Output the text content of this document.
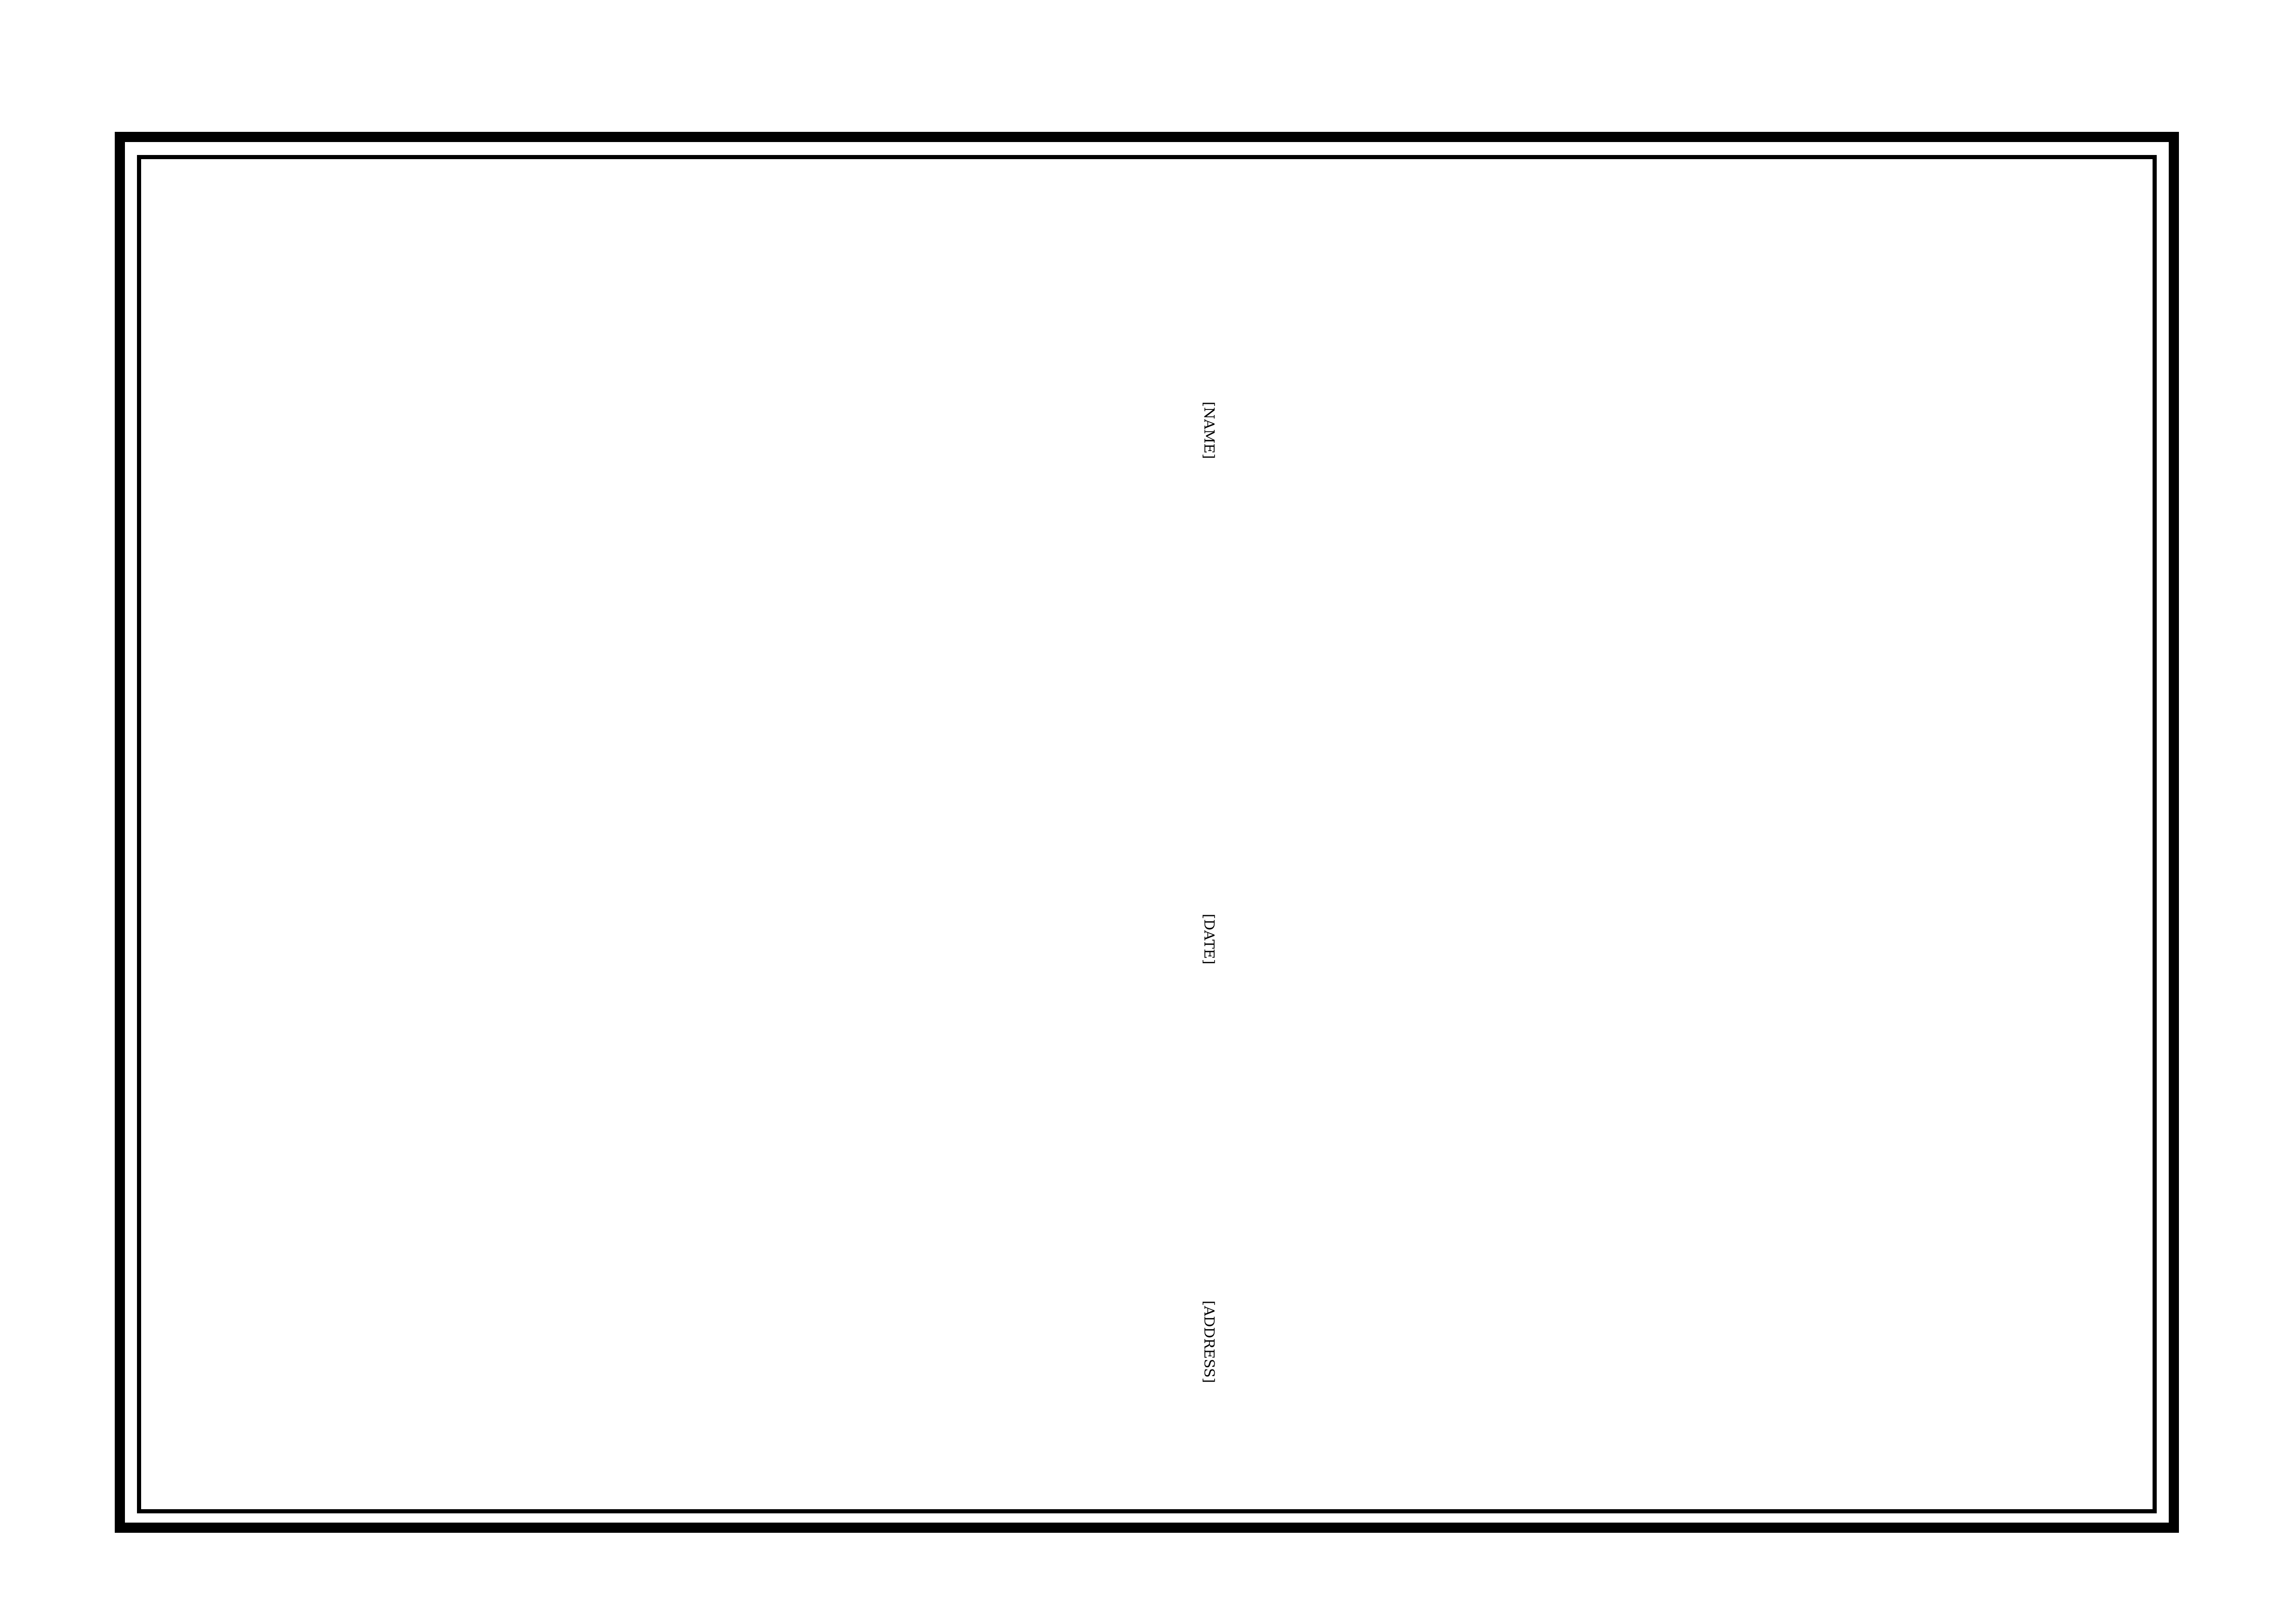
[NAME]
[DATE]
[ADDRESS]
